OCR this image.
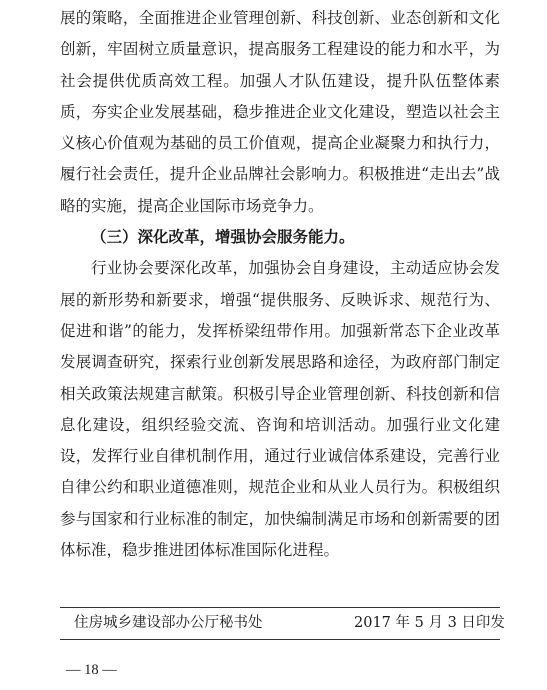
展的策略，全面推进企业管理创新、科技创新、业态创新和文化创新，牢固树立质量意识，提高服务工程建设的能力和水平，为社会提供优质高效工程。加强人才队伍建设，提升队伍整体素质，夯实企业发展基础，稳步推进企业文化建设，塑造以社会主义核心价值观为基础的员工价值观，提高企业凝聚力和执行力，履行社会责任，提升企业品牌社会影响力。积极推进“走出去”战略的实施，提高企业国际市场竞争力。

（三）深化改革，增强协会服务能力。

行业协会要深化改革，加强协会自身建设，主动适应协会发展的新形势和新要求，增强“提供服务、反映诉求、规范行为、促进和谐”的能力，发挥桥梁纽带作用。加强新常态下企业改革发展调查研究，探索行业创新发展思路和途径，为政府部门制定相关政策法规建言献策。积极引导企业管理创新、科技创新和信息化建设，组织经验交流、咨询和培训活动。加强行业文化建设，发挥行业自律机制作用，通过行业诚信体系建设，完善行业自律公约和职业道德准则，规范企业和从业人员行为。积极组织参与国家和行业标准的制定，加快编制满足市场和创新需要的团体标准，稳步推进团体标准国际化进程。

住房城乡建设部办公厅秘书处	2017 年 5 月 3 日印发
— 18 —
